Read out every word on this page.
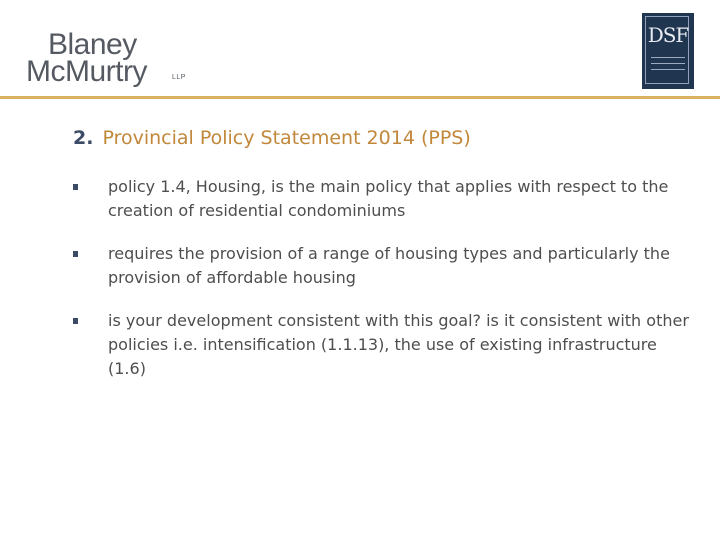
Blaney
McMurtry	LLP
DSF
2. Provincial Policy Statement 2014 (PPS)
policy 1.4, Housing, is the main policy that applies with respect to the creation of residential condominiums
requires the provision of a range of housing types and particularly the provision of affordable housing
is your development consistent with this goal? is it consistent with other policies i.e. intensification (1.1.13), the use of existing infrastructure (1.6)
